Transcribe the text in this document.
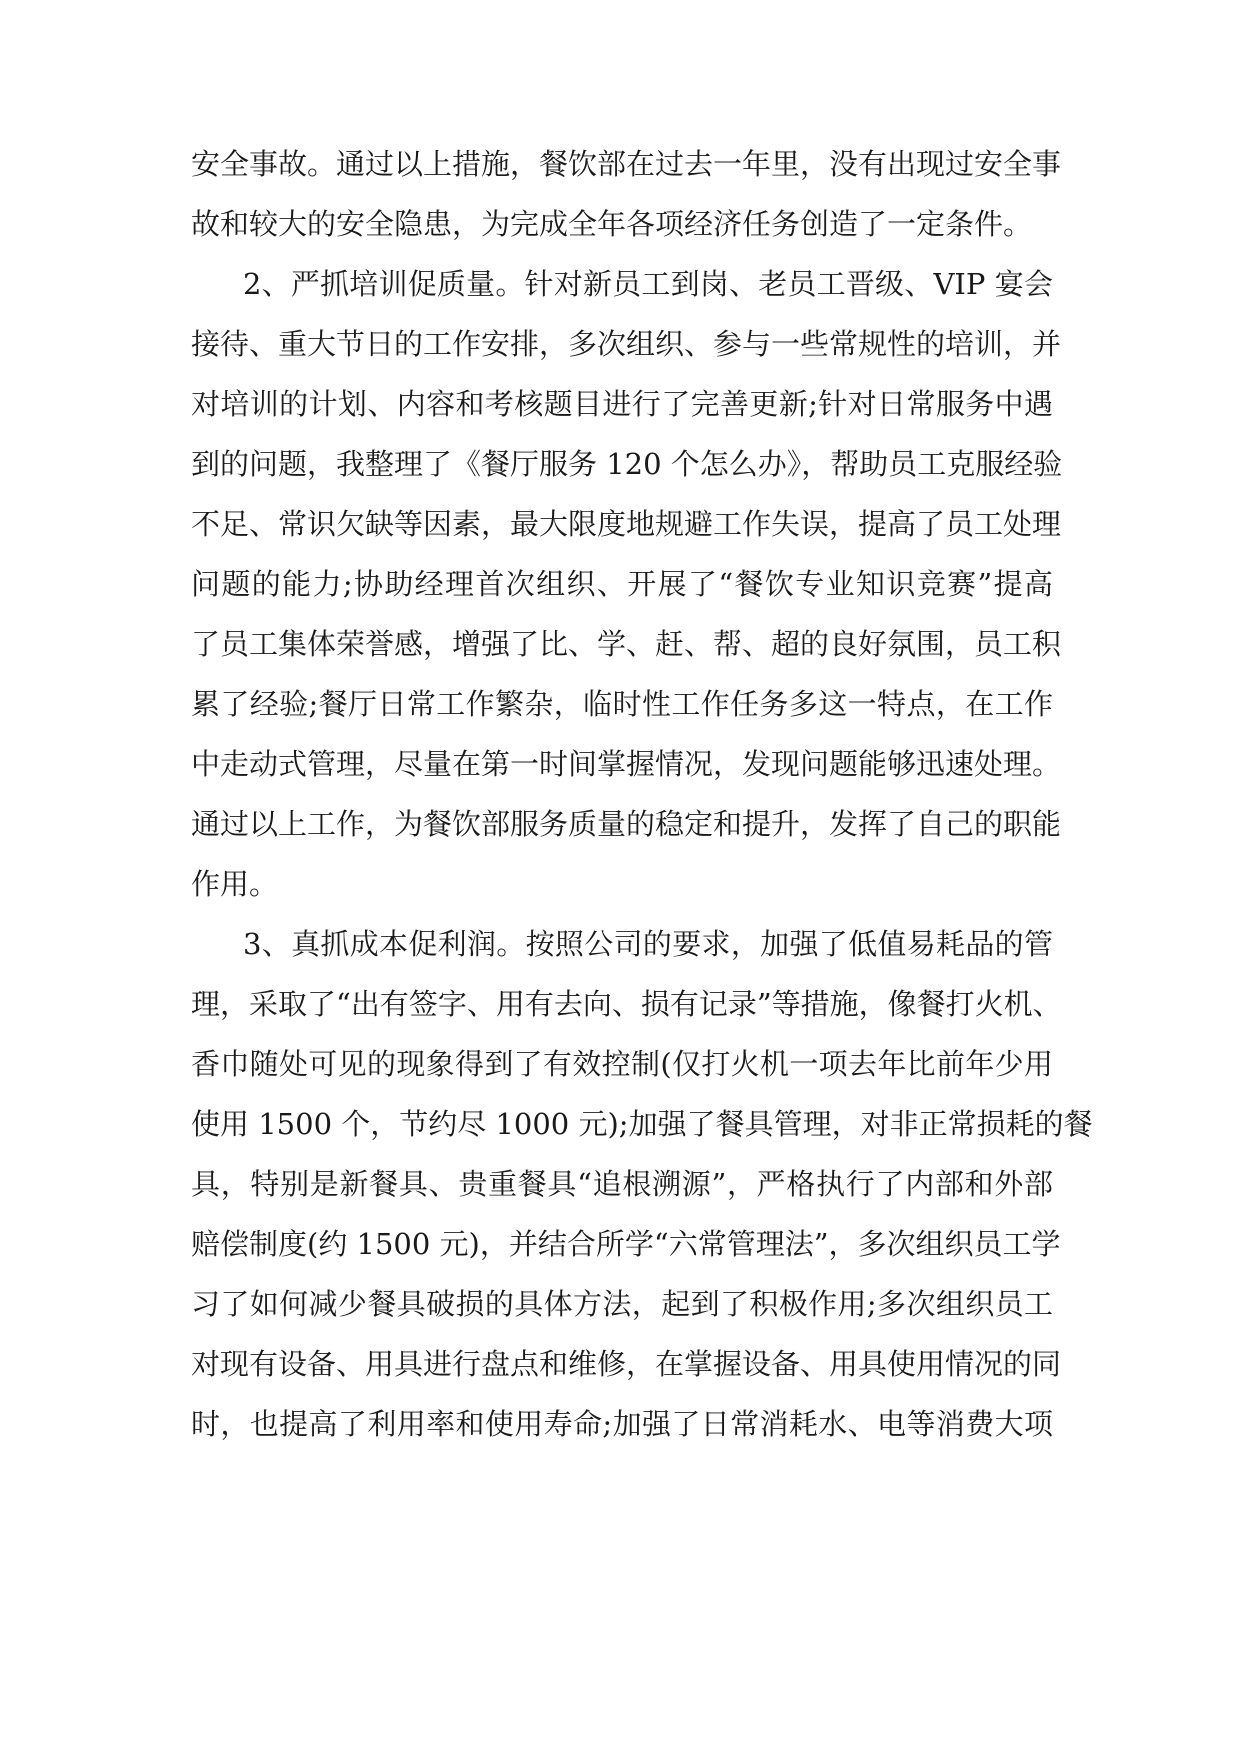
安全事故。通过以上措施，餐饮部在过去一年里，没有出现过安全事
故和较大的安全隐患，为完成全年各项经济任务创造了一定条件。
2、严抓培训促质量。针对新员工到岗、老员工晋级、VIP 宴会
接待、重大节日的工作安排，多次组织、参与一些常规性的培训，并
对培训的计划、内容和考核题目进行了完善更新;针对日常服务中遇
到的问题，我整理了《餐厅服务 120 个怎么办》，帮助员工克服经验
不足、常识欠缺等因素，最大限度地规避工作失误，提高了员工处理
问题的能力;协助经理首次组织、开展了“餐饮专业知识竞赛”提高
了员工集体荣誉感，增强了比、学、赶、帮、超的良好氛围，员工积
累了经验;餐厅日常工作繁杂，临时性工作任务多这一特点，在工作
中走动式管理，尽量在第一时间掌握情况，发现问题能够迅速处理。
通过以上工作，为餐饮部服务质量的稳定和提升，发挥了自己的职能
作用。
3、真抓成本促利润。按照公司的要求，加强了低值易耗品的管
理，采取了“出有签字、用有去向、损有记录”等措施，像餐打火机、
香巾随处可见的现象得到了有效控制(仅打火机一项去年比前年少用
使用 1500 个，节约尽 1000 元);加强了餐具管理，对非正常损耗的餐
具，特别是新餐具、贵重餐具“追根溯源”，严格执行了内部和外部
赔偿制度(约 1500 元)，并结合所学“六常管理法”，多次组织员工学
习了如何减少餐具破损的具体方法，起到了积极作用;多次组织员工
对现有设备、用具进行盘点和维修，在掌握设备、用具使用情况的同
时，也提高了利用率和使用寿命;加强了日常消耗水、电等消费大项
